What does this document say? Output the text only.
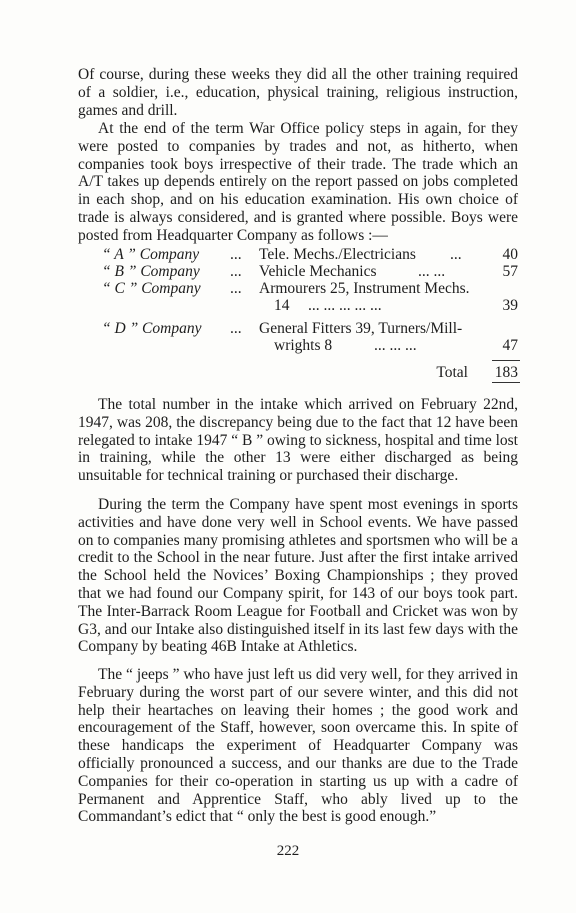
Of course, during these weeks they did all the other training required of a soldier, i.e., education, physical training, religious instruction, games and drill.

At the end of the term War Office policy steps in again, for they were posted to companies by trades and not, as hitherto, when companies took boys irrespective of their trade. The trade which an A/T takes up depends entirely on the report passed on jobs completed in each shop, and on his education examination. His own choice of trade is always considered, and is granted where possible. Boys were posted from Headquarter Company as follows :—

“ A ” Company ... Tele. Mechs./Electricians ...	40
“ B ” Company ... Vehicle Mechanics	... ...	57
“ C ” Company ... Armourers 25, Instrument Mechs.
14 ... ... ... ... ...	39
“ D ” Company ... General Fitters 39, Turners/Mill-
wrights 8	... ... ...	47
Total 183

The total number in the intake which arrived on February 22nd, 1947, was 208, the discrepancy being due to the fact that 12 have been relegated to intake 1947 “ B ” owing to sickness, hospital and time lost in training, while the other 13 were either discharged as being unsuitable for technical training or purchased their discharge.

During the term the Company have spent most evenings in sports activities and have done very well in School events. We have passed on to companies many promising athletes and sportsmen who will be a credit to the School in the near future. Just after the first intake arrived the School held the Novices’ Boxing Championships ; they proved that we had found our Company spirit, for 143 of our boys took part. The Inter-Barrack Room League for Football and Cricket was won by G3, and our Intake also distinguished itself in its last few days with the Company by beating 46B Intake at Athletics.

The “ jeeps ” who have just left us did very well, for they arrived in February during the worst part of our severe winter, and this did not help their heartaches on leaving their homes ; the good work and encouragement of the Staff, however, soon overcame this. In spite of these handicaps the experiment of Headquarter Company was officially pronounced a success, and our thanks are due to the Trade Companies for their co-operation in starting us up with a cadre of Permanent and Apprentice Staff, who ably lived up to the Commandant’s edict that “ only the best is good enough.”

222
